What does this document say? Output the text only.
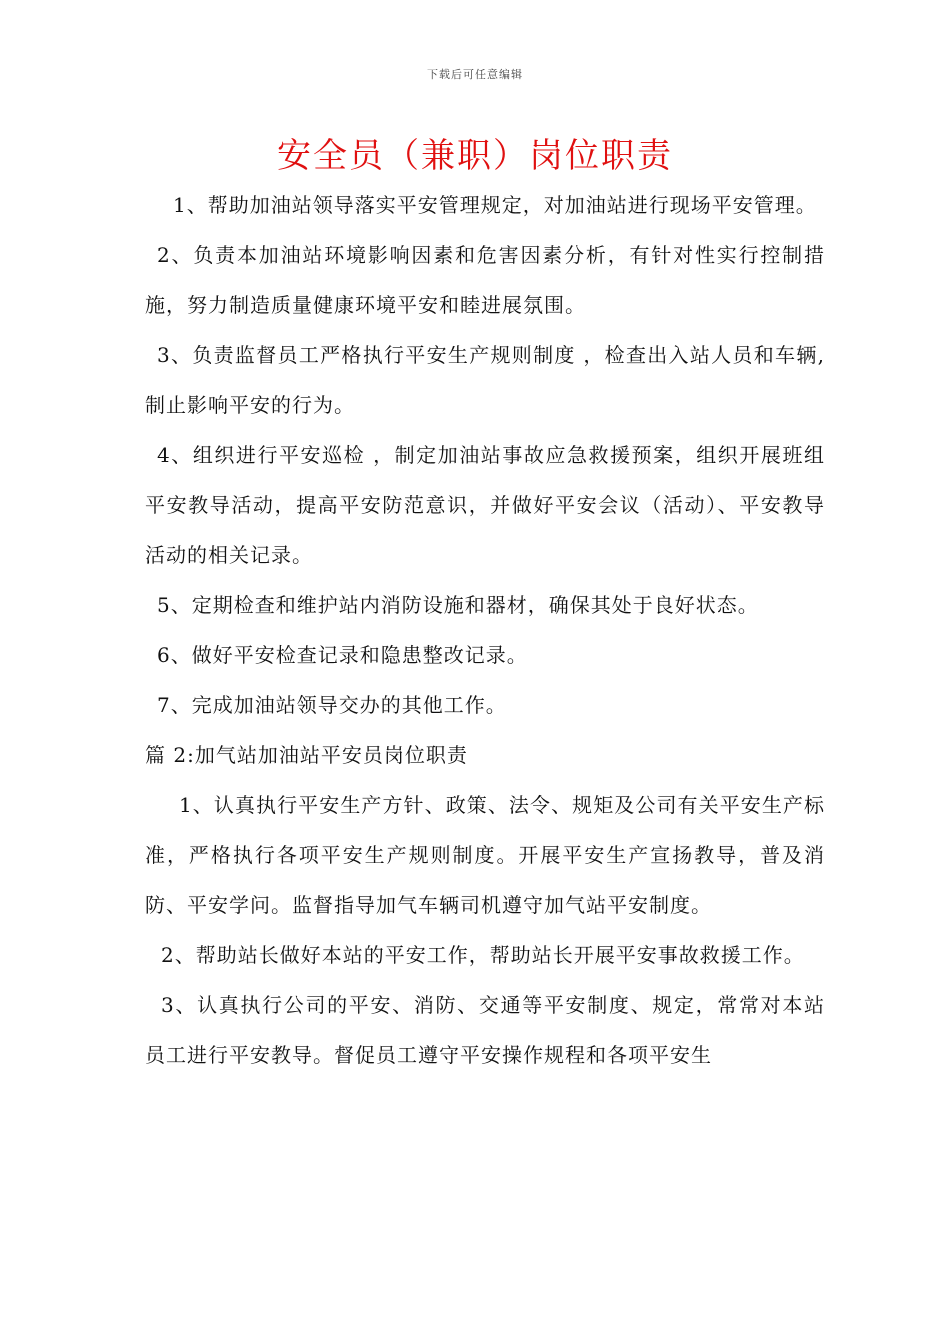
下载后可任意编辑
安全员（兼职）岗位职责

1、帮助加油站领导落实平安管理规定，对加油站进行现场平安管理。

2、负责本加油站环境影响因素和危害因素分析，有针对性实行控制措施，努力制造质量健康环境平安和睦进展氛围。

3、负责监督员工严格执行平安生产规则制度 ，检查出入站人员和车辆, 制止影响平安的行为。

4、组织进行平安巡检 ，制定加油站事故应急救援预案，组织开展班组平安教导活动，提高平安防范意识，并做好平安会议（活动）、平安教导活动的相关记录。

5、定期检查和维护站内消防设施和器材，确保其处于良好状态。

6、做好平安检查记录和隐患整改记录。

7、完成加油站领导交办的其他工作。

篇 2:加气站加油站平安员岗位职责

1、认真执行平安生产方针、政策、法令、规矩及公司有关平安生产标准，严格执行各项平安生产规则制度。开展平安生产宣扬教导，普及消防、平安学问。监督指导加气车辆司机遵守加气站平安制度。

2、帮助站长做好本站的平安工作，帮助站长开展平安事故救援工作。

3、认真执行公司的平安、消防、交通等平安制度、规定，常常对本站员工进行平安教导。督促员工遵守平安操作规程和各项平安生
